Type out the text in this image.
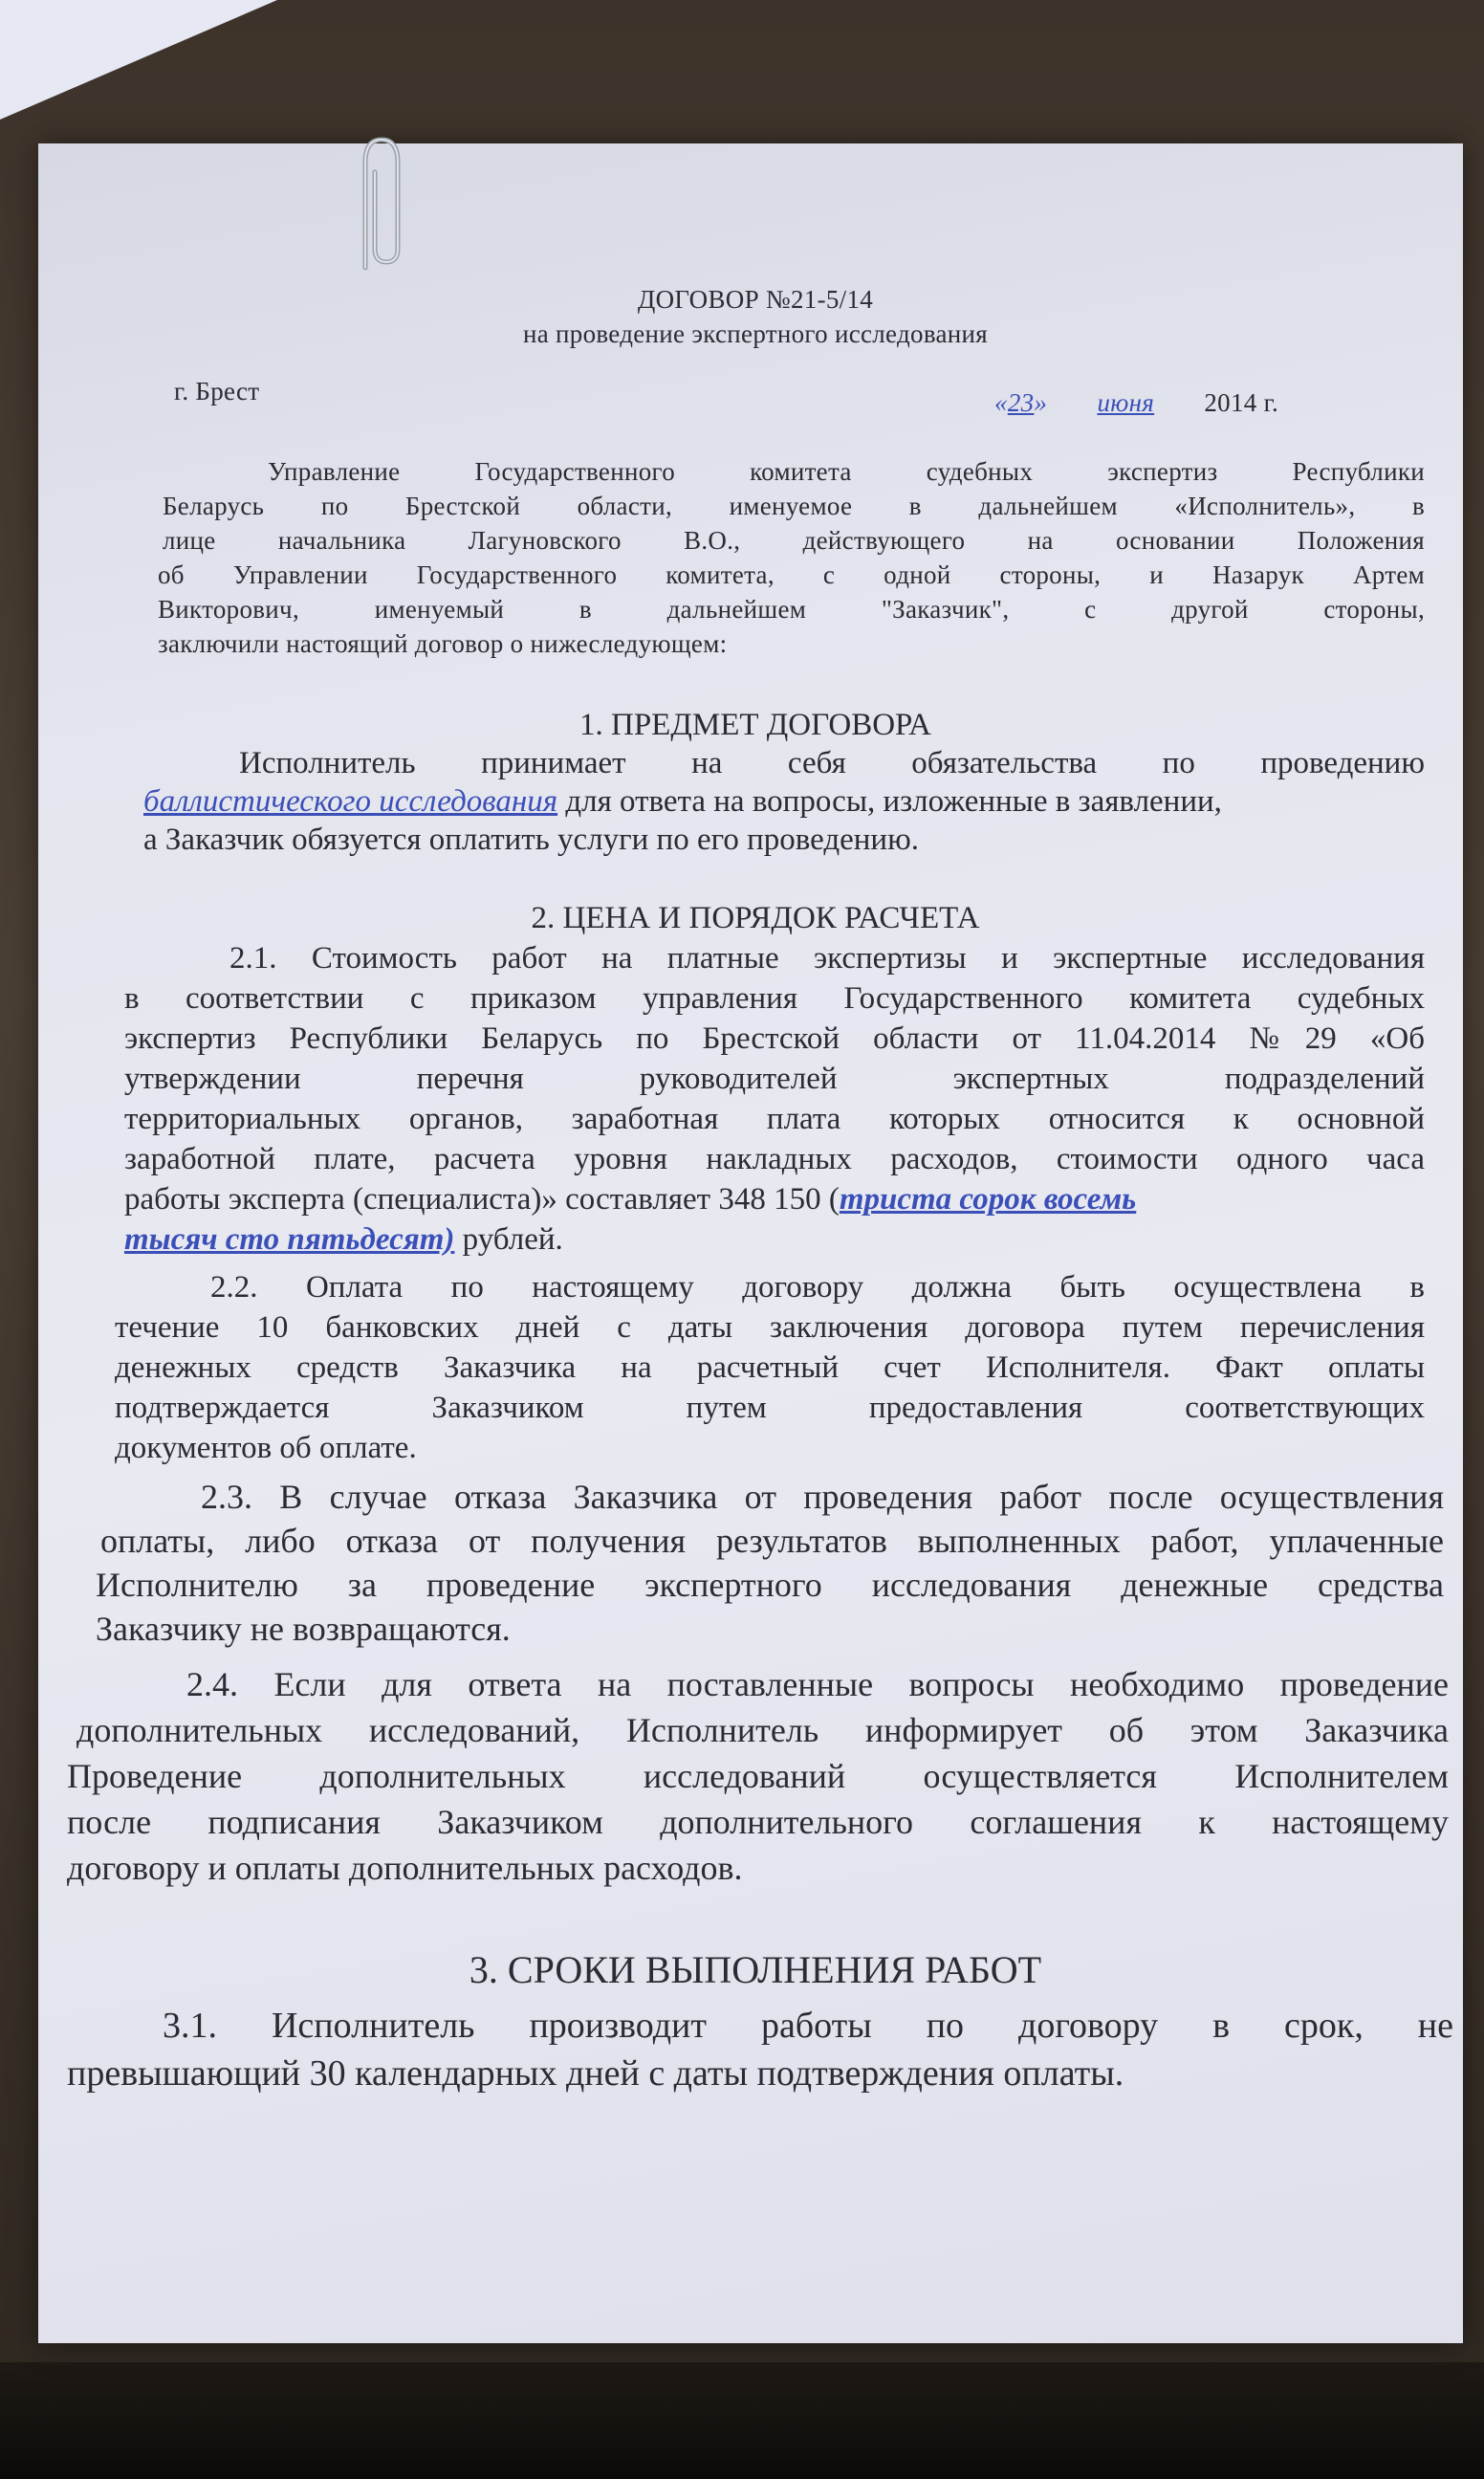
ДОГОВОР №21-5/14
на проведение экспертного исследования
г. Брест	«23» июня 2014 г.
Управление Государственного комитета судебных экспертиз Республики
Беларусь по Брестской области, именуемое в дальнейшем «Исполнитель», в
лице начальника Лагуновского В.О., действующего на основании Положения
об Управлении Государственного комитета, с одной стороны, и Назарук Артем
Викторович, именуемый в дальнейшем "Заказчик", с другой стороны,
заключили настоящий договор о нижеследующем:
1. ПРЕДМЕТ ДОГОВОРА
Исполнитель принимает на себя обязательства по проведению
баллистического исследования для ответа на вопросы, изложенные в заявлении,
а Заказчик обязуется оплатить услуги по его проведению.
2. ЦЕНА И ПОРЯДОК РАСЧЕТА
2.1. Стоимость работ на платные экспертизы и экспертные исследования
в соответствии с приказом управления Государственного комитета судебных
экспертиз Республики Беларусь по Брестской области от 11.04.2014 №29 «Об
утверждении перечня руководителей экспертных подразделений
территориальных органов, заработная плата которых относится к основной
заработной плате, расчета уровня накладных расходов, стоимости одного часа
работы эксперта (специалиста)» составляет 348 150 (триста сорок восемь
тысяч сто пятьдесят) рублей.
2.2. Оплата по настоящему договору должна быть осуществлена в
течение 10 банковских дней с даты заключения договора путем перечисления
денежных средств Заказчика на расчетный счет Исполнителя. Факт оплаты
подтверждается Заказчиком путем предоставления соответствующих
документов об оплате.
2.3. В случае отказа Заказчика от проведения работ после осуществления
оплаты, либо отказа от получения результатов выполненных работ, уплаченные
Исполнителю за проведение экспертного исследования денежные средства
Заказчику не возвращаются.
2.4. Если для ответа на поставленные вопросы необходимо проведение
дополнительных исследований, Исполнитель информирует об этом Заказчика
Проведение дополнительных исследований осуществляется Исполнителем
после подписания Заказчиком дополнительного соглашения к настоящему
договору и оплаты дополнительных расходов.
3. СРОКИ ВЫПОЛНЕНИЯ РАБОТ
3.1. Исполнитель производит работы по договору в срок, не
превышающий 30 календарных дней с даты подтверждения оплаты.
